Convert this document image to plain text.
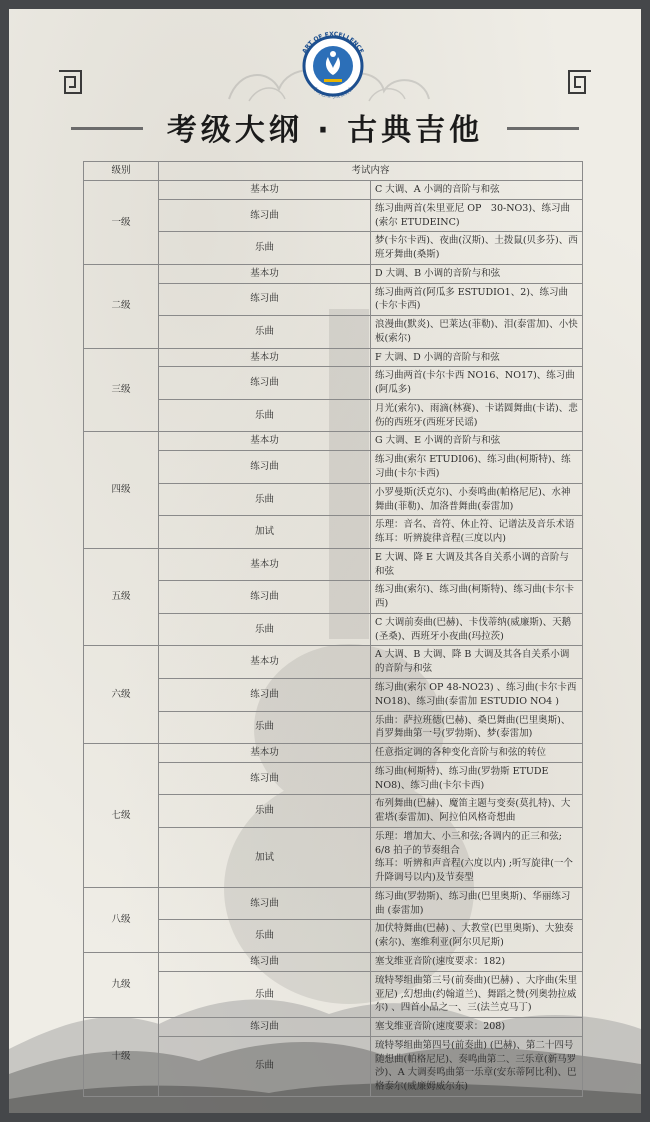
考级大纲 · 古典吉他
级别	考试内容	
一级	基本功	C 大调、A 小调的音阶与和弦
	练习曲	练习曲两首(朱里亚尼 OP　30-NO3)、练习曲(索尔 ETUDEINC)
	乐曲	梦(卡尔卡西)、夜曲(汉斯)、土拨鼠(贝多芬)、西班牙舞曲(桑斯)
二级	基本功	D 大调、B 小调的音阶与和弦
	练习曲	练习曲两首(阿瓜多 ESTUDIO1、2)、练习曲(卡尔卡西)
	乐曲	浪漫曲(默炎)、巴莱达(菲勒)、泪(泰雷加)、小快板(索尔)
三级	基本功	F 大调、D 小调的音阶与和弦
	练习曲	练习曲两首(卡尔卡西 NO16、NO17)、练习曲(阿瓜多)
	乐曲	月光(索尔)、雨滴(林赛)、卡诺圆舞曲(卡诺)、悲伤的西班牙(西班牙民谣)
四级	基本功	G 大调、E 小调的音阶与和弦
	练习曲	练习曲(索尔 ETUDI06)、练习曲(柯斯特)、练习曲(卡尔卡西)
	乐曲	小罗曼斯(沃克尔)、小奏鸣曲(帕格尼尼)、水神舞曲(菲勒)、加洛普舞曲(泰雷加)
	加试	乐理：音名、音符、休止符、记谱法及音乐术语
练耳：听辨旋律音程(三度以内)

五级	基本功	E 大调、降 E 大调及其各自关系小调的音阶与和弦
	练习曲	练习曲(索尔)、练习曲(柯斯特)、练习曲(卡尔卡西)
	乐曲	C 大调前奏曲(巴赫)、卡伐蒂纳(威廉斯)、天鹅(圣桑)、西班牙小夜曲(玛拉茨)
六级	基本功	A 大调、B 大调、降 B 大调及其各自关系小调的音阶与和弦
	练习曲	练习曲(索尔 OP 48-NO23) 、练习曲(卡尔卡西 NO18)、练习曲(泰雷加 ESTUDIO NO4 )
	乐曲	乐曲：萨拉班德(巴赫)、桑巴舞曲(巴里奥斯)、肖罗舞曲第一号(罗勃斯)、梦(泰雷加)
七级	基本功	任意指定调的各种变化音阶与和弦的转位
	练习曲	练习曲(柯斯特)、练习曲(罗勃斯 ETUDE NO8)、练习曲(卡尔卡西)
	乐曲	布列舞曲(巴赫)、魔笛主题与变奏(莫扎特)、大霍塔(泰雷加)、阿拉伯风格奇想曲
	加试	乐理：增加大、小三和弦;各调内的正三和弦; 6/8 拍子的节奏组合
练耳：听辨和声音程(六度以内) ;听写旋律(一个升降调号以内)及节奏型

八级	练习曲	练习曲(罗勃斯)、练习曲(巴里奥斯)、华丽练习曲 (泰雷加)
	乐曲	加伏特舞曲(巴赫) 、大教堂(巴里奥斯)、大独奏(索尔)、塞维利亚(阿尔贝尼斯)
九级	练习曲	塞戈维亚音阶(速度要求：182)
	乐曲	琉特琴组曲第三号(前奏曲)(巴赫) 、大序曲(朱里亚尼) ,幻想曲(约翰道兰)、舞蹈之赞(列奥勃拉威尔) 、四首小品之一、三(法兰克马丁)
十级	练习曲	塞戈维亚音阶(速度要求：208)
	乐曲	琉特琴组曲第四号(前奏曲) (巴赫)、第二十四号随想曲(帕格尼尼)、奏鸣曲第二、三乐章(新马罗沙)、A 大调奏鸣曲第一乐章(安东蒂阿比利)、巴格泰尔(威廉姆威尔东)
ART OF EXCELLENCE
东方艺术考级委员会
